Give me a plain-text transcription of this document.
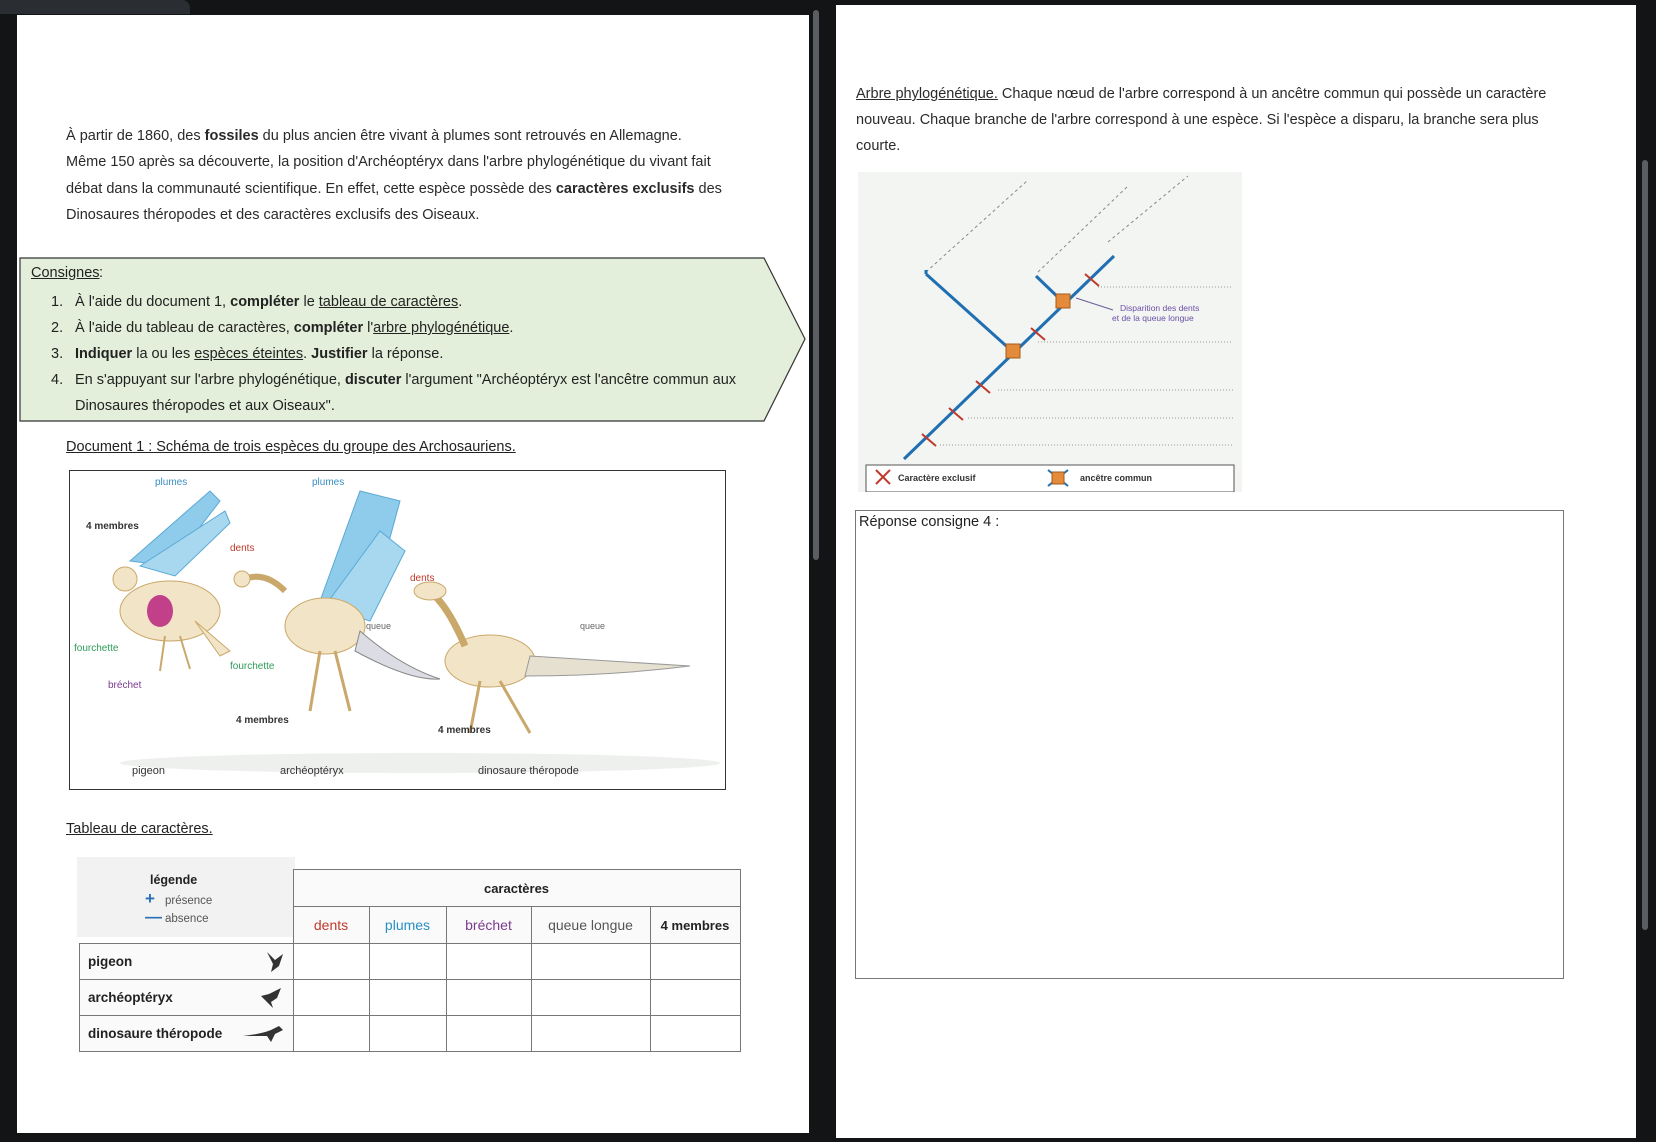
À partir de 1860, des fossiles du plus ancien être vivant à plumes sont retrouvés en Allemagne. Même 150 après sa découverte, la position d'Archéoptéryx dans l'arbre phylogénétique du vivant fait débat dans la communauté scientifique. En effet, cette espèce possède des caractères exclusifs des Dinosaures théropodes et des caractères exclusifs des Oiseaux.
Consignes :
1. À l'aide du document 1, compléter le tableau de caractères.
2. À l'aide du tableau de caractères, compléter l'arbre phylogénétique.
3. Indiquer la ou les espèces éteintes. Justifier la réponse.
4. En s'appuyant sur l'arbre phylogénétique, discuter l'argument "Archéoptéryx est l'ancêtre commun aux Dinosaures théropodes et aux Oiseaux".
Document 1 : Schéma de trois espèces du groupe des Archosauriens.
plumes	plumes
4 membres
dents
dents
queue	queue
fourchette
fourchette
bréchet
4 membres
4 membres
pigeon	archéoptéryx	dinosaure théropode
Tableau de caractères.
légende
+ présence
— absence
	caractères				
	dents	plumes	bréchet	queue longue	4 membres
pigeon

archéoptéryx

dinosaure théropode

Arbre phylogénétique. Chaque nœud de l'arbre correspond à un ancêtre commun qui possède un caractère nouveau. Chaque branche de l'arbre correspond à une espèce. Si l'espèce a disparu, la branche sera plus courte.
Disparition des dents
et de la queue longue
Caractère exclusif	ancêtre commun
Réponse consigne 4 :
